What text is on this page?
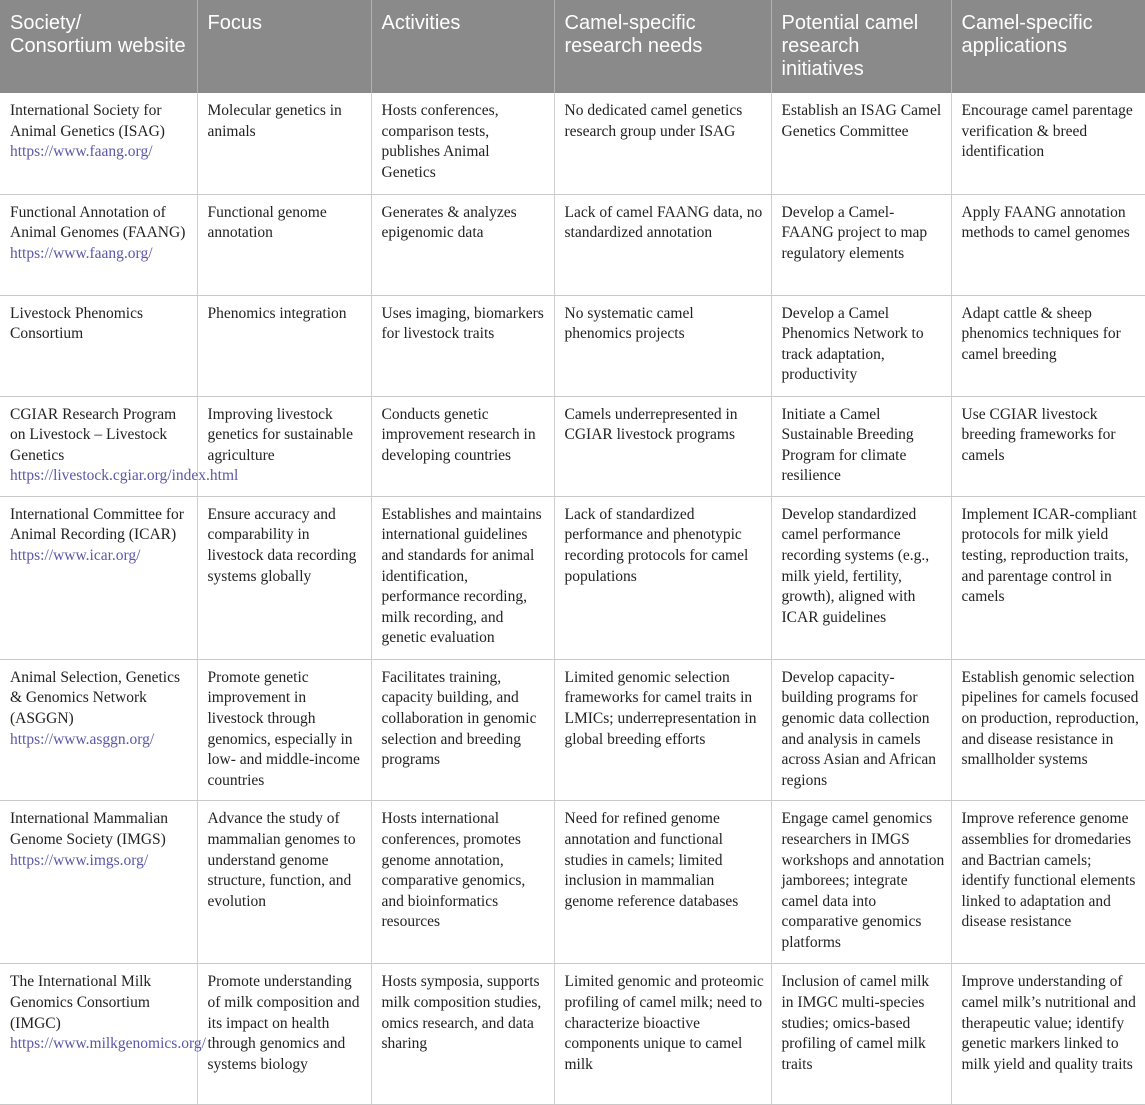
Society/ Consortium website	Focus	Activities	Camel-specific research needs	Potential camel research initiatives	Camel-specific applications
International Society for Animal Genetics (ISAG) https://www.faang.org/	Molecular genetics in animals	Hosts conferences, comparison tests, publishes Animal Genetics	No dedicated camel genetics research group under ISAG	Establish an ISAG Camel Genetics Committee	Encourage camel parentage verification & breed identification
Functional Annotation of Animal Genomes (FAANG) https://www.faang.org/	Functional genome annotation	Generates & analyzes epigenomic data	Lack of camel FAANG data, no standardized annotation	Develop a Camel-FAANG project to map regulatory elements	Apply FAANG annotation methods to camel genomes
Livestock Phenomics Consortium	Phenomics integration	Uses imaging, biomarkers for livestock traits	No systematic camel phenomics projects	Develop a Camel Phenomics Network to track adaptation, productivity	Adapt cattle & sheep phenomics techniques for camel breeding
CGIAR Research Program on Livestock – Livestock Genetics https://livestock.cgiar.org/index.html	Improving livestock genetics for sustainable agriculture	Conducts genetic improvement research in developing countries	Camels underrepresented in CGIAR livestock programs	Initiate a Camel Sustainable Breeding Program for climate resilience	Use CGIAR livestock breeding frameworks for camels
International Committee for Animal Recording (ICAR) https://www.icar.org/	Ensure accuracy and comparability in livestock data recording systems globally	Establishes and maintains international guidelines and standards for animal identification, performance recording, milk recording, and genetic evaluation	Lack of standardized performance and phenotypic recording protocols for camel populations	Develop standardized camel performance recording systems (e.g., milk yield, fertility, growth), aligned with ICAR guidelines	Implement ICAR-compliant protocols for milk yield testing, reproduction traits, and parentage control in camels
Animal Selection, Genetics & Genomics Network (ASGGN) https://www.asggn.org/	Promote genetic improvement in livestock through genomics, especially in low- and middle-income countries	Facilitates training, capacity building, and collaboration in genomic selection and breeding programs	Limited genomic selection frameworks for camel traits in LMICs; underrepresentation in global breeding efforts	Develop capacity-building programs for genomic data collection and analysis in camels across Asian and African regions	Establish genomic selection pipelines for camels focused on production, reproduction, and disease resistance in smallholder systems
International Mammalian Genome Society (IMGS) https://www.imgs.org/	Advance the study of mammalian genomes to understand genome structure, function, and evolution	Hosts international conferences, promotes genome annotation, comparative genomics, and bioinformatics resources	Need for refined genome annotation and functional studies in camels; limited inclusion in mammalian genome reference databases	Engage camel genomics researchers in IMGS workshops and annotation jamborees; integrate camel data into comparative genomics platforms	Improve reference genome assemblies for dromedaries and Bactrian camels; identify functional elements linked to adaptation and disease resistance
The International Milk Genomics Consortium (IMGC) https://www.milkgenomics.org/	Promote understanding of milk composition and its impact on health through genomics and systems biology	Hosts symposia, supports milk composition studies, omics research, and data sharing	Limited genomic and proteomic profiling of camel milk; need to characterize bioactive components unique to camel milk	Inclusion of camel milk in IMGC multi-species studies; omics-based profiling of camel milk traits	Improve understanding of camel milk’s nutritional and therapeutic value; identify genetic markers linked to milk yield and quality traits
